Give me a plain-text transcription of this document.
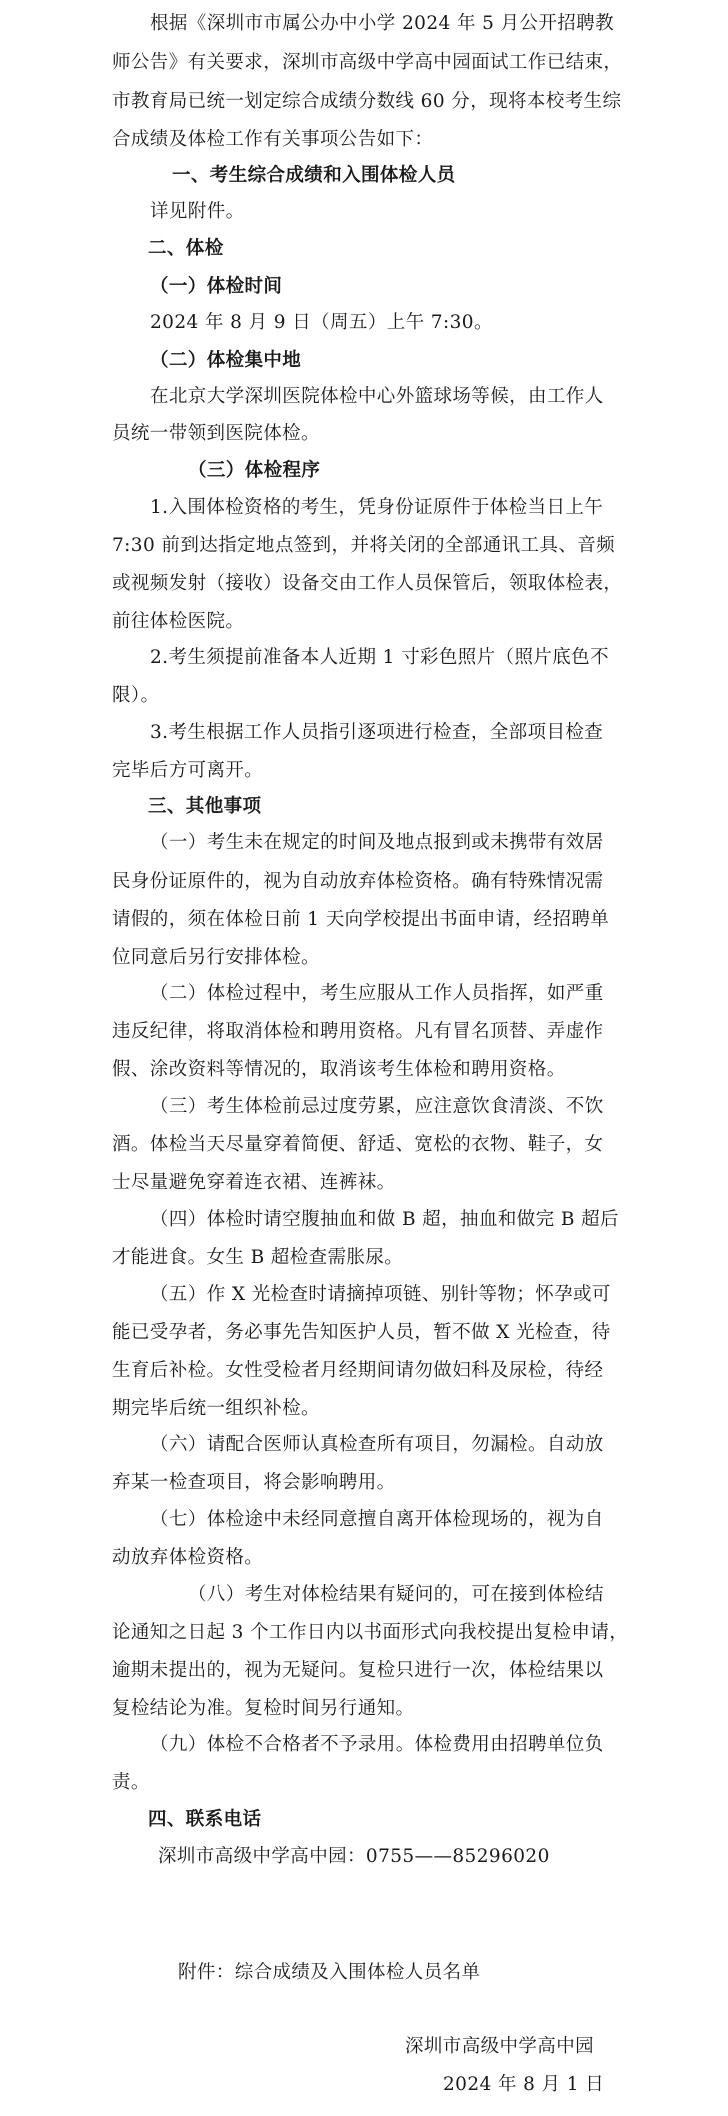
根据《深圳市市属公办中小学 2024 年 5 月公开招聘教
师公告》有关要求，深圳市高级中学高中园面试工作已结束，
市教育局已统一划定综合成绩分数线 60 分，现将本校考生综
合成绩及体检工作有关事项公告如下：
一、考生综合成绩和入围体检人员
详见附件。
二、体检
（一）体检时间
2024 年 8 月 9 日（周五）上午 7:30。
（二）体检集中地
在北京大学深圳医院体检中心外篮球场等候，由工作人
员统一带领到医院体检。
（三）体检程序
1.入围体检资格的考生，凭身份证原件于体检当日上午
7:30 前到达指定地点签到，并将关闭的全部通讯工具、音频
或视频发射（接收）设备交由工作人员保管后，领取体检表，
前往体检医院。
2.考生须提前准备本人近期 1 寸彩色照片（照片底色不
限）。
3.考生根据工作人员指引逐项进行检查，全部项目检查
完毕后方可离开。
三、其他事项
（一）考生未在规定的时间及地点报到或未携带有效居
民身份证原件的，视为自动放弃体检资格。确有特殊情况需
请假的，须在体检日前 1 天向学校提出书面申请，经招聘单
位同意后另行安排体检。
（二）体检过程中，考生应服从工作人员指挥，如严重
违反纪律，将取消体检和聘用资格。凡有冒名顶替、弄虚作
假、涂改资料等情况的，取消该考生体检和聘用资格。
（三）考生体检前忌过度劳累，应注意饮食清淡、不饮
酒。体检当天尽量穿着简便、舒适、宽松的衣物、鞋子，女
士尽量避免穿着连衣裙、连裤袜。
（四）体检时请空腹抽血和做 B 超，抽血和做完 B 超后
才能进食。女生 B 超检查需胀尿。
（五）作 X 光检查时请摘掉项链、别针等物；怀孕或可
能已受孕者，务必事先告知医护人员，暂不做 X 光检查，待
生育后补检。女性受检者月经期间请勿做妇科及尿检，待经
期完毕后统一组织补检。
（六）请配合医师认真检查所有项目，勿漏检。自动放
弃某一检查项目，将会影响聘用。
（七）体检途中未经同意擅自离开体检现场的，视为自
动放弃体检资格。
（八）考生对体检结果有疑问的，可在接到体检结
论通知之日起 3 个工作日内以书面形式向我校提出复检申请，
逾期未提出的，视为无疑问。复检只进行一次，体检结果以
复检结论为准。复检时间另行通知。
（九）体检不合格者不予录用。体检费用由招聘单位负
责。
四、联系电话
深圳市高级中学高中园：0755——85296020
附件：综合成绩及入围体检人员名单
深圳市高级中学高中园
2024 年 8 月 1 日
